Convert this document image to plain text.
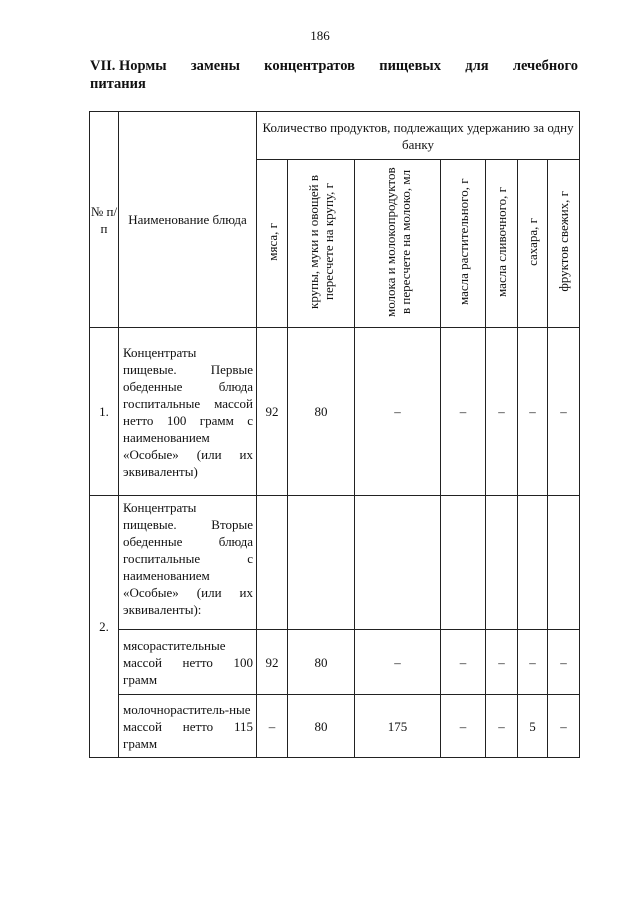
186
VII. Нормы замены концентратов пищевых для лечебного
питания
№ п/п	Наименование блюда	Количество продуктов, подлежащих удержанию за одну банку						
		мяса, г	крупы, муки и овощей в пересчете на крупу, г	молока и молокопродуктов в пересчете на молоко, мл	масла растительного, г	масла сливочного, г	сахара, г	фруктов свежих, г
1.	Концентраты пищевые. Первые обеденные блюда госпитальные массой нетто 100 грамм с наименованием «Особые» (или их эквиваленты)	92	80	–	–	–	–	–
2.	Концентраты пищевые. Вторые обеденные блюда госпитальные с наименованием «Особые» (или их эквиваленты):							
	мясорастительные массой нетто 100 грамм	92	80	–	–	–	–	–
	молочнораститель-ные массой нетто 115 грамм	–	80	175	–	–	5	–
